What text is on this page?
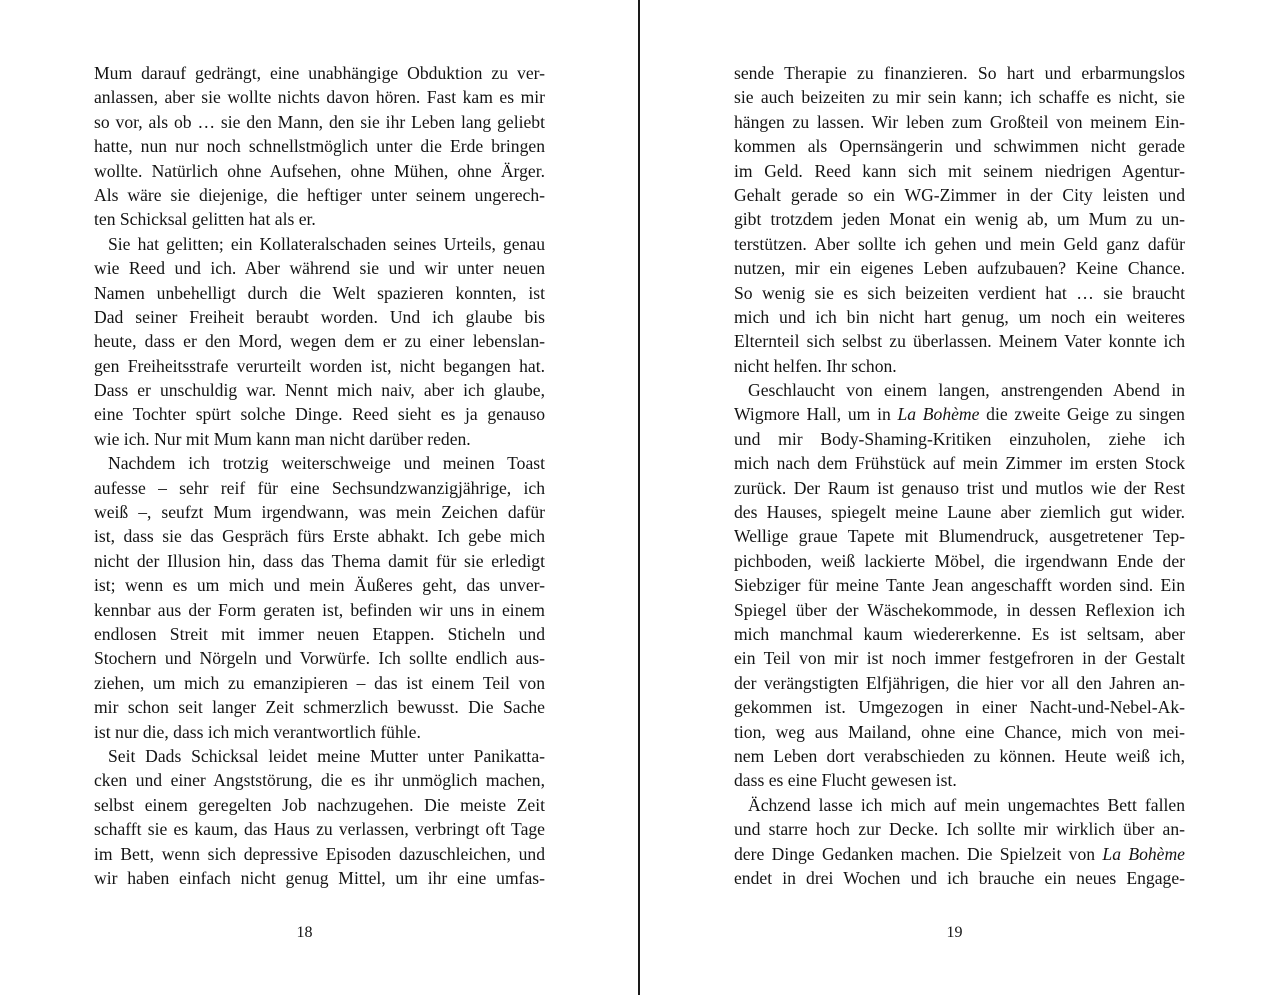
Mum darauf gedrängt, eine unabhängige Obduktion zu ver-
anlassen, aber sie wollte nichts davon hören. Fast kam es mir
so vor, als ob … sie den Mann, den sie ihr Leben lang geliebt
hatte, nun nur noch schnellstmöglich unter die Erde bringen
wollte. Natürlich ohne Aufsehen, ohne Mühen, ohne Ärger.
Als wäre sie diejenige, die heftiger unter seinem ungerech-
ten Schicksal gelitten hat als er.
Sie hat gelitten; ein Kollateralschaden seines Urteils, genau
wie Reed und ich. Aber während sie und wir unter neuen
Namen unbehelligt durch die Welt spazieren konnten, ist
Dad seiner Freiheit beraubt worden. Und ich glaube bis
heute, dass er den Mord, wegen dem er zu einer lebenslan-
gen Freiheitsstrafe verurteilt worden ist, nicht begangen hat.
Dass er unschuldig war. Nennt mich naiv, aber ich glaube,
eine Tochter spürt solche Dinge. Reed sieht es ja genauso
wie ich. Nur mit Mum kann man nicht darüber reden.
Nachdem ich trotzig weiterschweige und meinen Toast
aufesse – sehr reif für eine Sechsundzwanzigjährige, ich
weiß –, seufzt Mum irgendwann, was mein Zeichen dafür
ist, dass sie das Gespräch fürs Erste abhakt. Ich gebe mich
nicht der Illusion hin, dass das Thema damit für sie erledigt
ist; wenn es um mich und mein Äußeres geht, das unver-
kennbar aus der Form geraten ist, befinden wir uns in einem
endlosen Streit mit immer neuen Etappen. Sticheln und
Stochern und Nörgeln und Vorwürfe. Ich sollte endlich aus-
ziehen, um mich zu emanzipieren – das ist einem Teil von
mir schon seit langer Zeit schmerzlich bewusst. Die Sache
ist nur die, dass ich mich verantwortlich fühle.
Seit Dads Schicksal leidet meine Mutter unter Panikatta-
cken und einer Angststörung, die es ihr unmöglich machen,
selbst einem geregelten Job nachzugehen. Die meiste Zeit
schafft sie es kaum, das Haus zu verlassen, verbringt oft Tage
im Bett, wenn sich depressive Episoden dazuschleichen, und
wir haben einfach nicht genug Mittel, um ihr eine umfas-
18
sende Therapie zu finanzieren. So hart und erbarmungslos
sie auch beizeiten zu mir sein kann; ich schaffe es nicht, sie
hängen zu lassen. Wir leben zum Großteil von meinem Ein-
kommen als Opernsängerin und schwimmen nicht gerade
im Geld. Reed kann sich mit seinem niedrigen Agentur-
Gehalt gerade so ein WG-Zimmer in der City leisten und
gibt trotzdem jeden Monat ein wenig ab, um Mum zu un-
terstützen. Aber sollte ich gehen und mein Geld ganz dafür
nutzen, mir ein eigenes Leben aufzubauen? Keine Chance.
So wenig sie es sich beizeiten verdient hat … sie braucht
mich und ich bin nicht hart genug, um noch ein weiteres
Elternteil sich selbst zu überlassen. Meinem Vater konnte ich
nicht helfen. Ihr schon.
Geschlaucht von einem langen, anstrengenden Abend in
Wigmore Hall, um in La Bohème die zweite Geige zu singen
und mir Body-Shaming-Kritiken einzuholen, ziehe ich
mich nach dem Frühstück auf mein Zimmer im ersten Stock
zurück. Der Raum ist genauso trist und mutlos wie der Rest
des Hauses, spiegelt meine Laune aber ziemlich gut wider.
Wellige graue Tapete mit Blumendruck, ausgetretener Tep-
pichboden, weiß lackierte Möbel, die irgendwann Ende der
Siebziger für meine Tante Jean angeschafft worden sind. Ein
Spiegel über der Wäschekommode, in dessen Reflexion ich
mich manchmal kaum wiedererkenne. Es ist seltsam, aber
ein Teil von mir ist noch immer festgefroren in der Gestalt
der verängstigten Elfjährigen, die hier vor all den Jahren an-
gekommen ist. Umgezogen in einer Nacht-und-Nebel-Ak-
tion, weg aus Mailand, ohne eine Chance, mich von mei-
nem Leben dort verabschieden zu können. Heute weiß ich,
dass es eine Flucht gewesen ist.
Ächzend lasse ich mich auf mein ungemachtes Bett fallen
und starre hoch zur Decke. Ich sollte mir wirklich über an-
dere Dinge Gedanken machen. Die Spielzeit von La Bohème
endet in drei Wochen und ich brauche ein neues Engage-
19
